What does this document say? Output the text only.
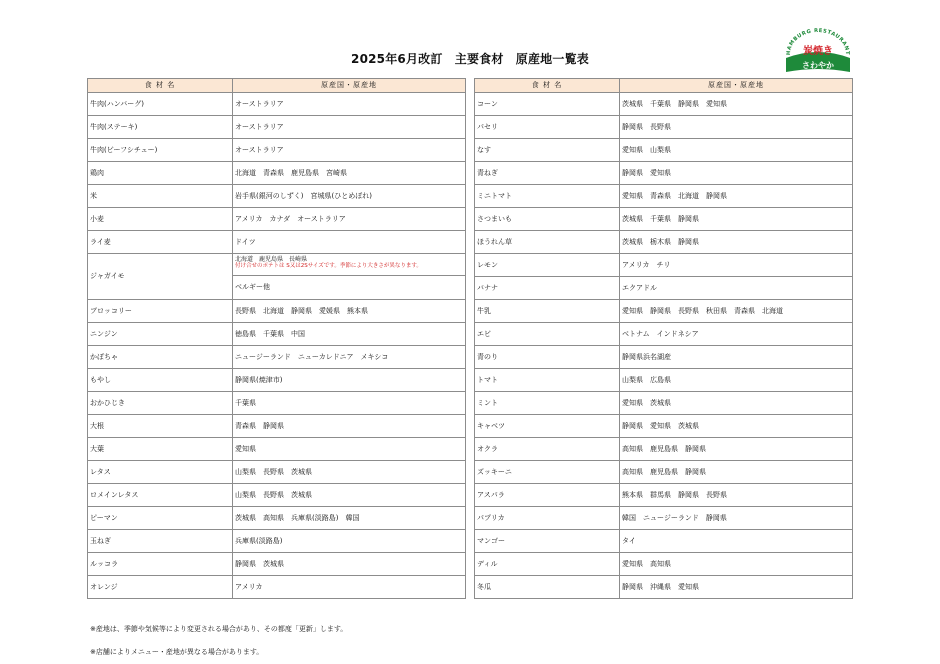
2025年6月改訂　主要食材　原産地一覧表	HAMBURG RESTAURANT
炭焼き
さわやか
食 材 名	原産国・原産地
牛肉(ハンバーグ)	オーストラリア
牛肉(ステーキ)	オーストラリア
牛肉(ビーフシチュー)	オーストラリア
鶏肉	北海道　青森県　鹿児島県　宮崎県
米	岩手県(銀河のしずく)　宮城県(ひとめぼれ)
小麦	アメリカ　カナダ　オーストラリア
ライ麦	ドイツ
ジャガイモ	北海道　鹿児島県　長崎県
付け合せのポテトは S又は2Sサイズです。季節により大きさが異なります。
ベルギー他

ブロッコリー	長野県　北海道　静岡県　愛媛県　熊本県
ニンジン	徳島県　千葉県　中国
かぼちゃ	ニュージーランド　ニューカレドニア　メキシコ
もやし	静岡県(焼津市)
おかひじき	千葉県
大根	青森県　静岡県
大葉	愛知県
レタス	山梨県　長野県　茨城県
ロメインレタス	山梨県　長野県　茨城県
ピーマン	茨城県　高知県　兵庫県(淡路島)　韓国
玉ねぎ	兵庫県(淡路島)
ルッコラ	静岡県　茨城県
オレンジ	アメリカ
食 材 名	原産国・原産地
コーン	茨城県　千葉県　静岡県　愛知県
パセリ	静岡県　長野県
なす	愛知県　山梨県
青ねぎ	静岡県　愛知県
ミニトマト	愛知県　青森県　北海道　静岡県
さつまいも	茨城県　千葉県　静岡県
ほうれん草	茨城県　栃木県　静岡県
レモン	アメリカ　チリ
バナナ	エクアドル
牛乳	愛知県　静岡県　長野県　秋田県　青森県　北海道
エビ	ベトナム　インドネシア
青のり	静岡県浜名湖産
トマト	山梨県　広島県
ミント	愛知県　茨城県
キャベツ	静岡県　愛知県　茨城県
オクラ	高知県　鹿児島県　静岡県
ズッキーニ	高知県　鹿児島県　静岡県
アスパラ	熊本県　群馬県　静岡県　長野県
パプリカ	韓国　ニュージーランド　静岡県
マンゴー	タイ
ディル	愛知県　高知県
冬瓜	静岡県　沖縄県　愛知県
※産地は、季節や気候等により変更される場合があり、その都度「更新」します。
※店舗によりメニュー・産地が異なる場合があります。
